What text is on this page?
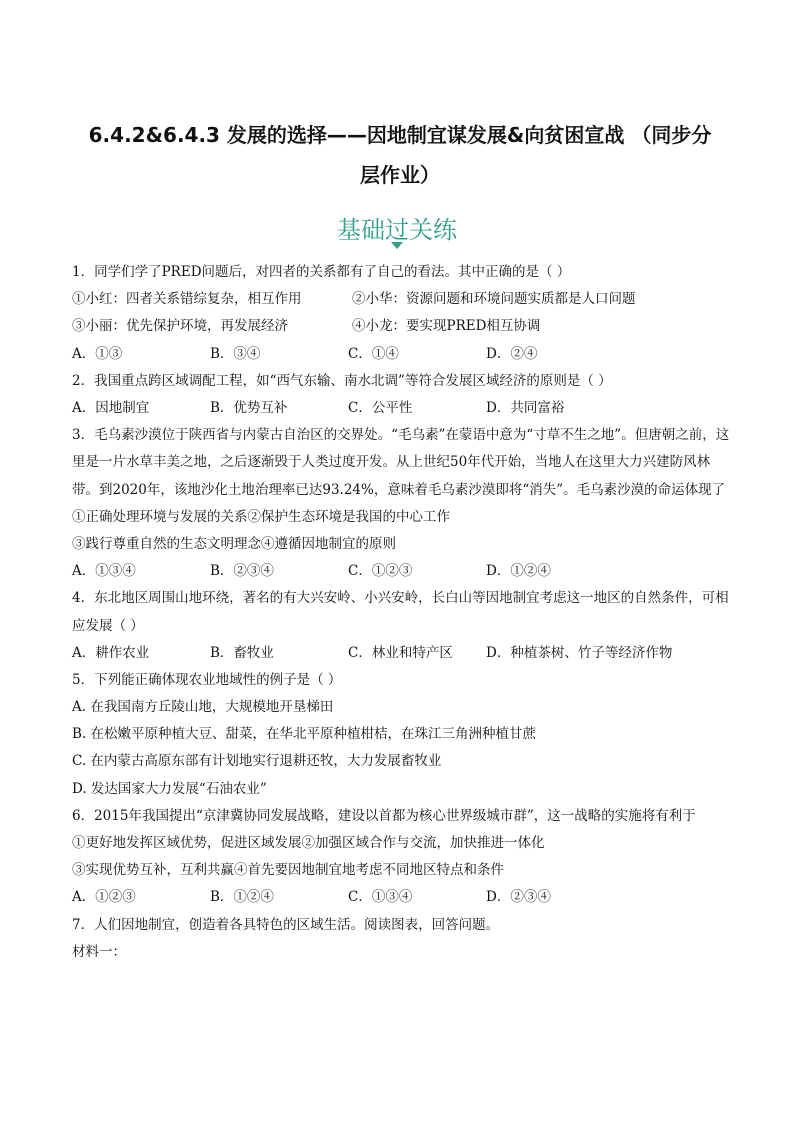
6.4.2&6.4.3 发展的选择——因地制宜谋发展&向贫困宣战 （同步分
层作业）
基础过关练
1．同学们学了PRED问题后，对四者的关系都有了自己的看法。其中正确的是（ ）
①小红：四者关系错综复杂，相互作用	②小华：资源问题和环境问题实质都是人口问题
③小丽：优先保护环境，再发展经济	④小龙：要实现PRED相互协调
A．①③	B．③④	C．①④	D．②④
2．我国重点跨区域调配工程，如“西气东输、南水北调”等符合发展区域经济的原则是（ ）
A．因地制宜	B．优势互补	C．公平性	D．共同富裕
3．毛乌素沙漠位于陕西省与内蒙古自治区的交界处。“毛乌素”在蒙语中意为“寸草不生之地”。但唐朝之前，这里是一片水草丰美之地，之后逐渐毁于人类过度开发。从上世纪50年代开始，当地人在这里大力兴建防风林带。到2020年，该地沙化土地治理率已达93.24%，意味着毛乌素沙漠即将“消失”。毛乌素沙漠的命运体现了
①正确处理环境与发展的关系②保护生态环境是我国的中心工作
③践行尊重自然的生态文明理念④遵循因地制宜的原则
A．①③④	B．②③④	C．①②③	D．①②④
4．东北地区周围山地环绕，著名的有大兴安岭、小兴安岭，长白山等因地制宜考虑这一地区的自然条件，可相应发展（ ）
A．耕作农业	B．畜牧业	C．林业和特产区	D．种植茶树、竹子等经济作物
5．下列能正确体现农业地域性的例子是（ ）
A. 在我国南方丘陵山地，大规模地开垦梯田
B. 在松嫩平原种植大豆、甜菜，在华北平原种植柑桔，在珠江三角洲种植甘蔗
C. 在内蒙古高原东部有计划地实行退耕还牧，大力发展畜牧业
D. 发达国家大力发展“石油农业”
6．2015年我国提出“京津冀协同发展战略，建设以首都为核心世界级城市群”，这一战略的实施将有利于
①更好地发挥区域优势，促进区域发展②加强区域合作与交流，加快推进一体化
③实现优势互补，互利共赢④首先要因地制宜地考虑不同地区特点和条件
A．①②③	B．①②④	C．①③④	D．②③④
7．人们因地制宜，创造着各具特色的区域生活。阅读图表，回答问题。
材料一：
